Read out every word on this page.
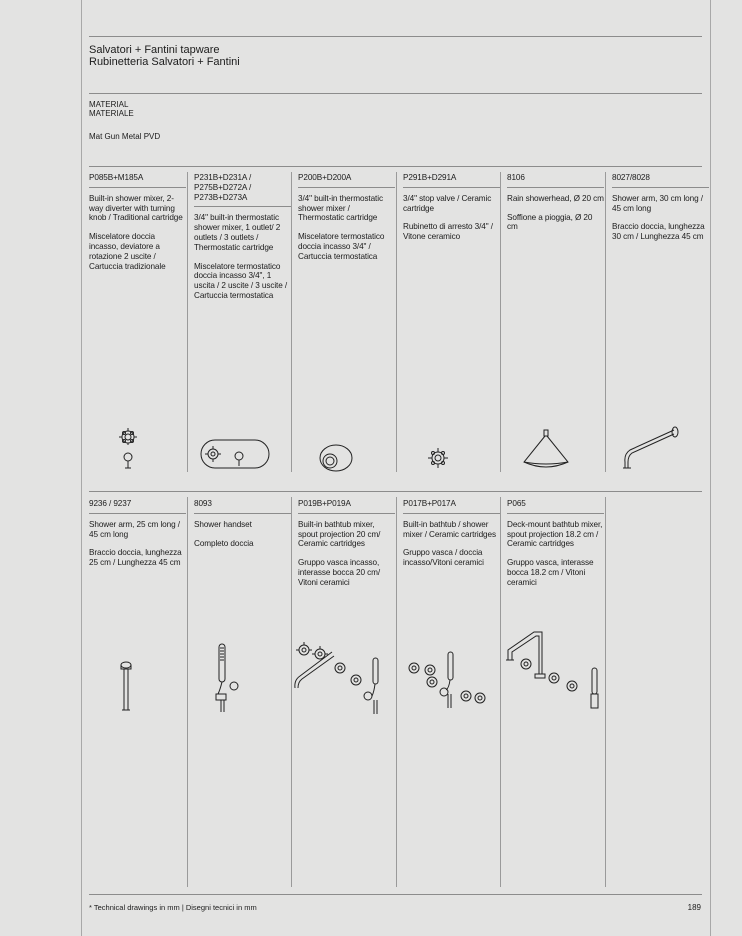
Salvatori + Fantini tapware
Rubinetteria Salvatori + Fantini
MATERIAL
MATERIALE
Mat Gun Metal PVD
P085B+M185A
Built-in shower mixer, 2-way diverter with turning knob / Traditional cartridge
Miscelatore doccia incasso, deviatore a rotazione 2 uscite / Cartuccia tradizionale
P231B+D231A / P275B+D272A / P273B+D273A
3/4" built-in thermostatic shower mixer, 1 outlet/ 2 outlets / 3 outlets / Thermostatic cartridge
Miscelatore termostatico doccia incasso 3/4", 1 uscita / 2 uscite / 3 uscite / Cartuccia termostatica
P200B+D200A
3/4" built-in thermostatic shower mixer / Thermostatic cartridge
Miscelatore termostatico doccia incasso 3/4" / Cartuccia termostatica
P291B+D291A
3/4" stop valve / Ceramic cartridge
Rubinetto di arresto 3/4" / Vitone ceramico
8106
Rain showerhead, Ø 20 cm
Soffione a pioggia, Ø 20 cm
8027/8028
Shower arm, 30 cm long / 45 cm long
Braccio doccia, lunghezza 30 cm / Lunghezza 45 cm
9236 / 9237
Shower arm, 25 cm long / 45 cm long
Braccio doccia, lunghezza 25 cm / Lunghezza 45 cm
8093
Shower handset
Completo doccia
P019B+P019A
Built-in bathtub mixer, spout projection 20 cm/ Ceramic cartridges
Gruppo vasca incasso, interasse bocca 20 cm/ Vitoni ceramici
P017B+P017A
Built-in bathtub / shower mixer / Ceramic cartridges
Gruppo vasca / doccia incasso/Vitoni ceramici
P065
Deck-mount bathtub mixer, spout projection 18.2 cm / Ceramic cartridges
Gruppo vasca, interasse bocca 18.2 cm / Vitoni ceramici
* Technical drawings in mm | Disegni tecnici in mm	189
